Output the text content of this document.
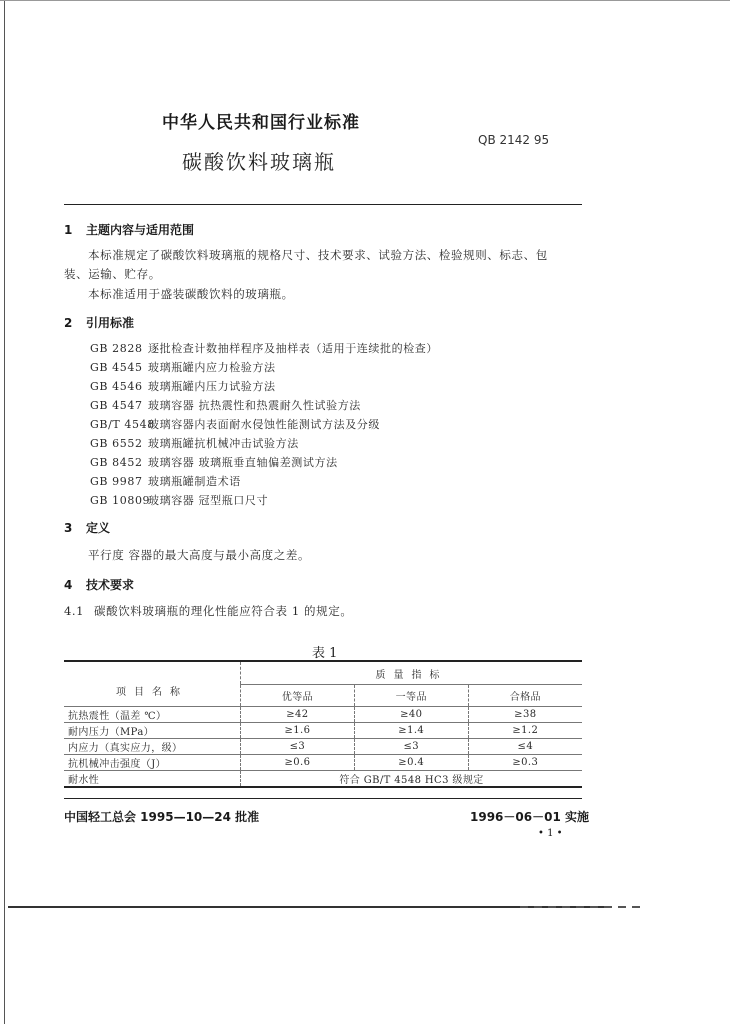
中华人民共和国行业标准
QB 2142 95
碳酸饮料玻璃瓶
1 主题内容与适用范围
本标准规定了碳酸饮料玻璃瓶的规格尺寸、技术要求、试验方法、检验规则、标志、包
装、运输、贮存。
本标准适用于盛装碳酸饮料的玻璃瓶。
2 引用标准
GB 2828 逐批检查计数抽样程序及抽样表（适用于连续批的检查）
GB 4545 玻璃瓶罐内应力检验方法
GB 4546 玻璃瓶罐内压力试验方法
GB 4547 玻璃容器 抗热震性和热震耐久性试验方法
GB/T 4548玻璃容器内表面耐水侵蚀性能测试方法及分级
GB 6552 玻璃瓶罐抗机械冲击试验方法
GB 8452 玻璃容器 玻璃瓶垂直轴偏差测试方法
GB 9987 玻璃瓶罐制造术语
GB 10809玻璃容器 冠型瓶口尺寸
3 定义
平行度 容器的最大高度与最小高度之差。
4 技术要求
4.1 碳酸饮料玻璃瓶的理化性能应符合表 1 的规定。
表 1
项目名称	质量指标		
	优等品	一等品	合格品
抗热震性（温差 ℃）	≥42	≥40	≥38
耐内压力（MPa）	≥1.6	≥1.4	≥1.2
内应力（真实应力，级）	≤3	≤3	≤4
抗机械冲击强度（J）	≥0.6	≥0.4	≥0.3
耐水性	符合 GB/T 4548 HC3 级规定		
中国轻工总会 1995—10—24 批准	1996－06－01 实施
• 1 •
